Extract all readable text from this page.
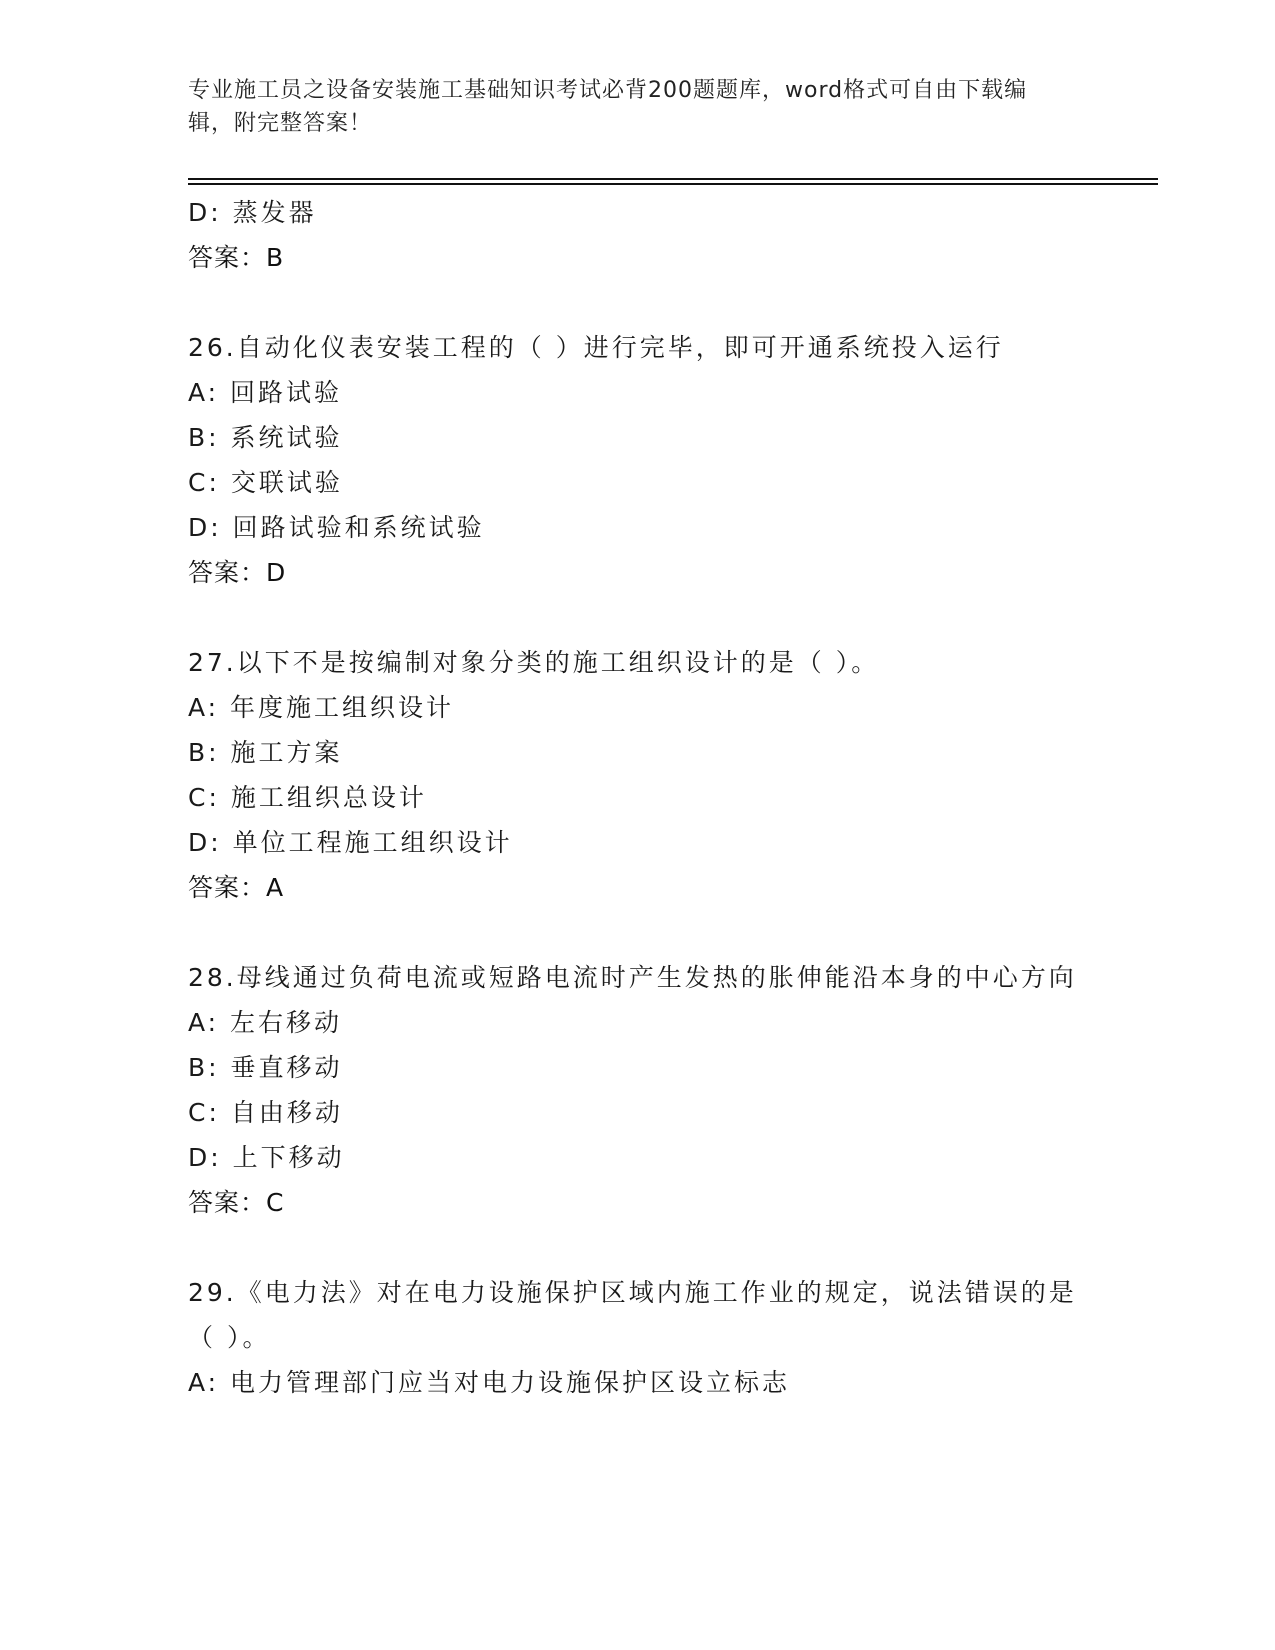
专业施工员之设备安装施工基础知识考试必背200题题库，word格式可自由下载编辑，附完整答案！
D: 蒸发器
答案：B
26.自动化仪表安装工程的（ ）进行完毕，即可开通系统投入运行
A: 回路试验
B: 系统试验
C: 交联试验
D: 回路试验和系统试验
答案：D
27.以下不是按编制对象分类的施工组织设计的是（ ）。
A: 年度施工组织设计
B: 施工方案
C: 施工组织总设计
D: 单位工程施工组织设计
答案：A
28.母线通过负荷电流或短路电流时产生发热的胀伸能沿本身的中心方向
A: 左右移动
B: 垂直移动
C: 自由移动
D: 上下移动
答案：C
29.《电力法》对在电力设施保护区域内施工作业的规定，说法错误的是（ ）。
A: 电力管理部门应当对电力设施保护区设立标志
